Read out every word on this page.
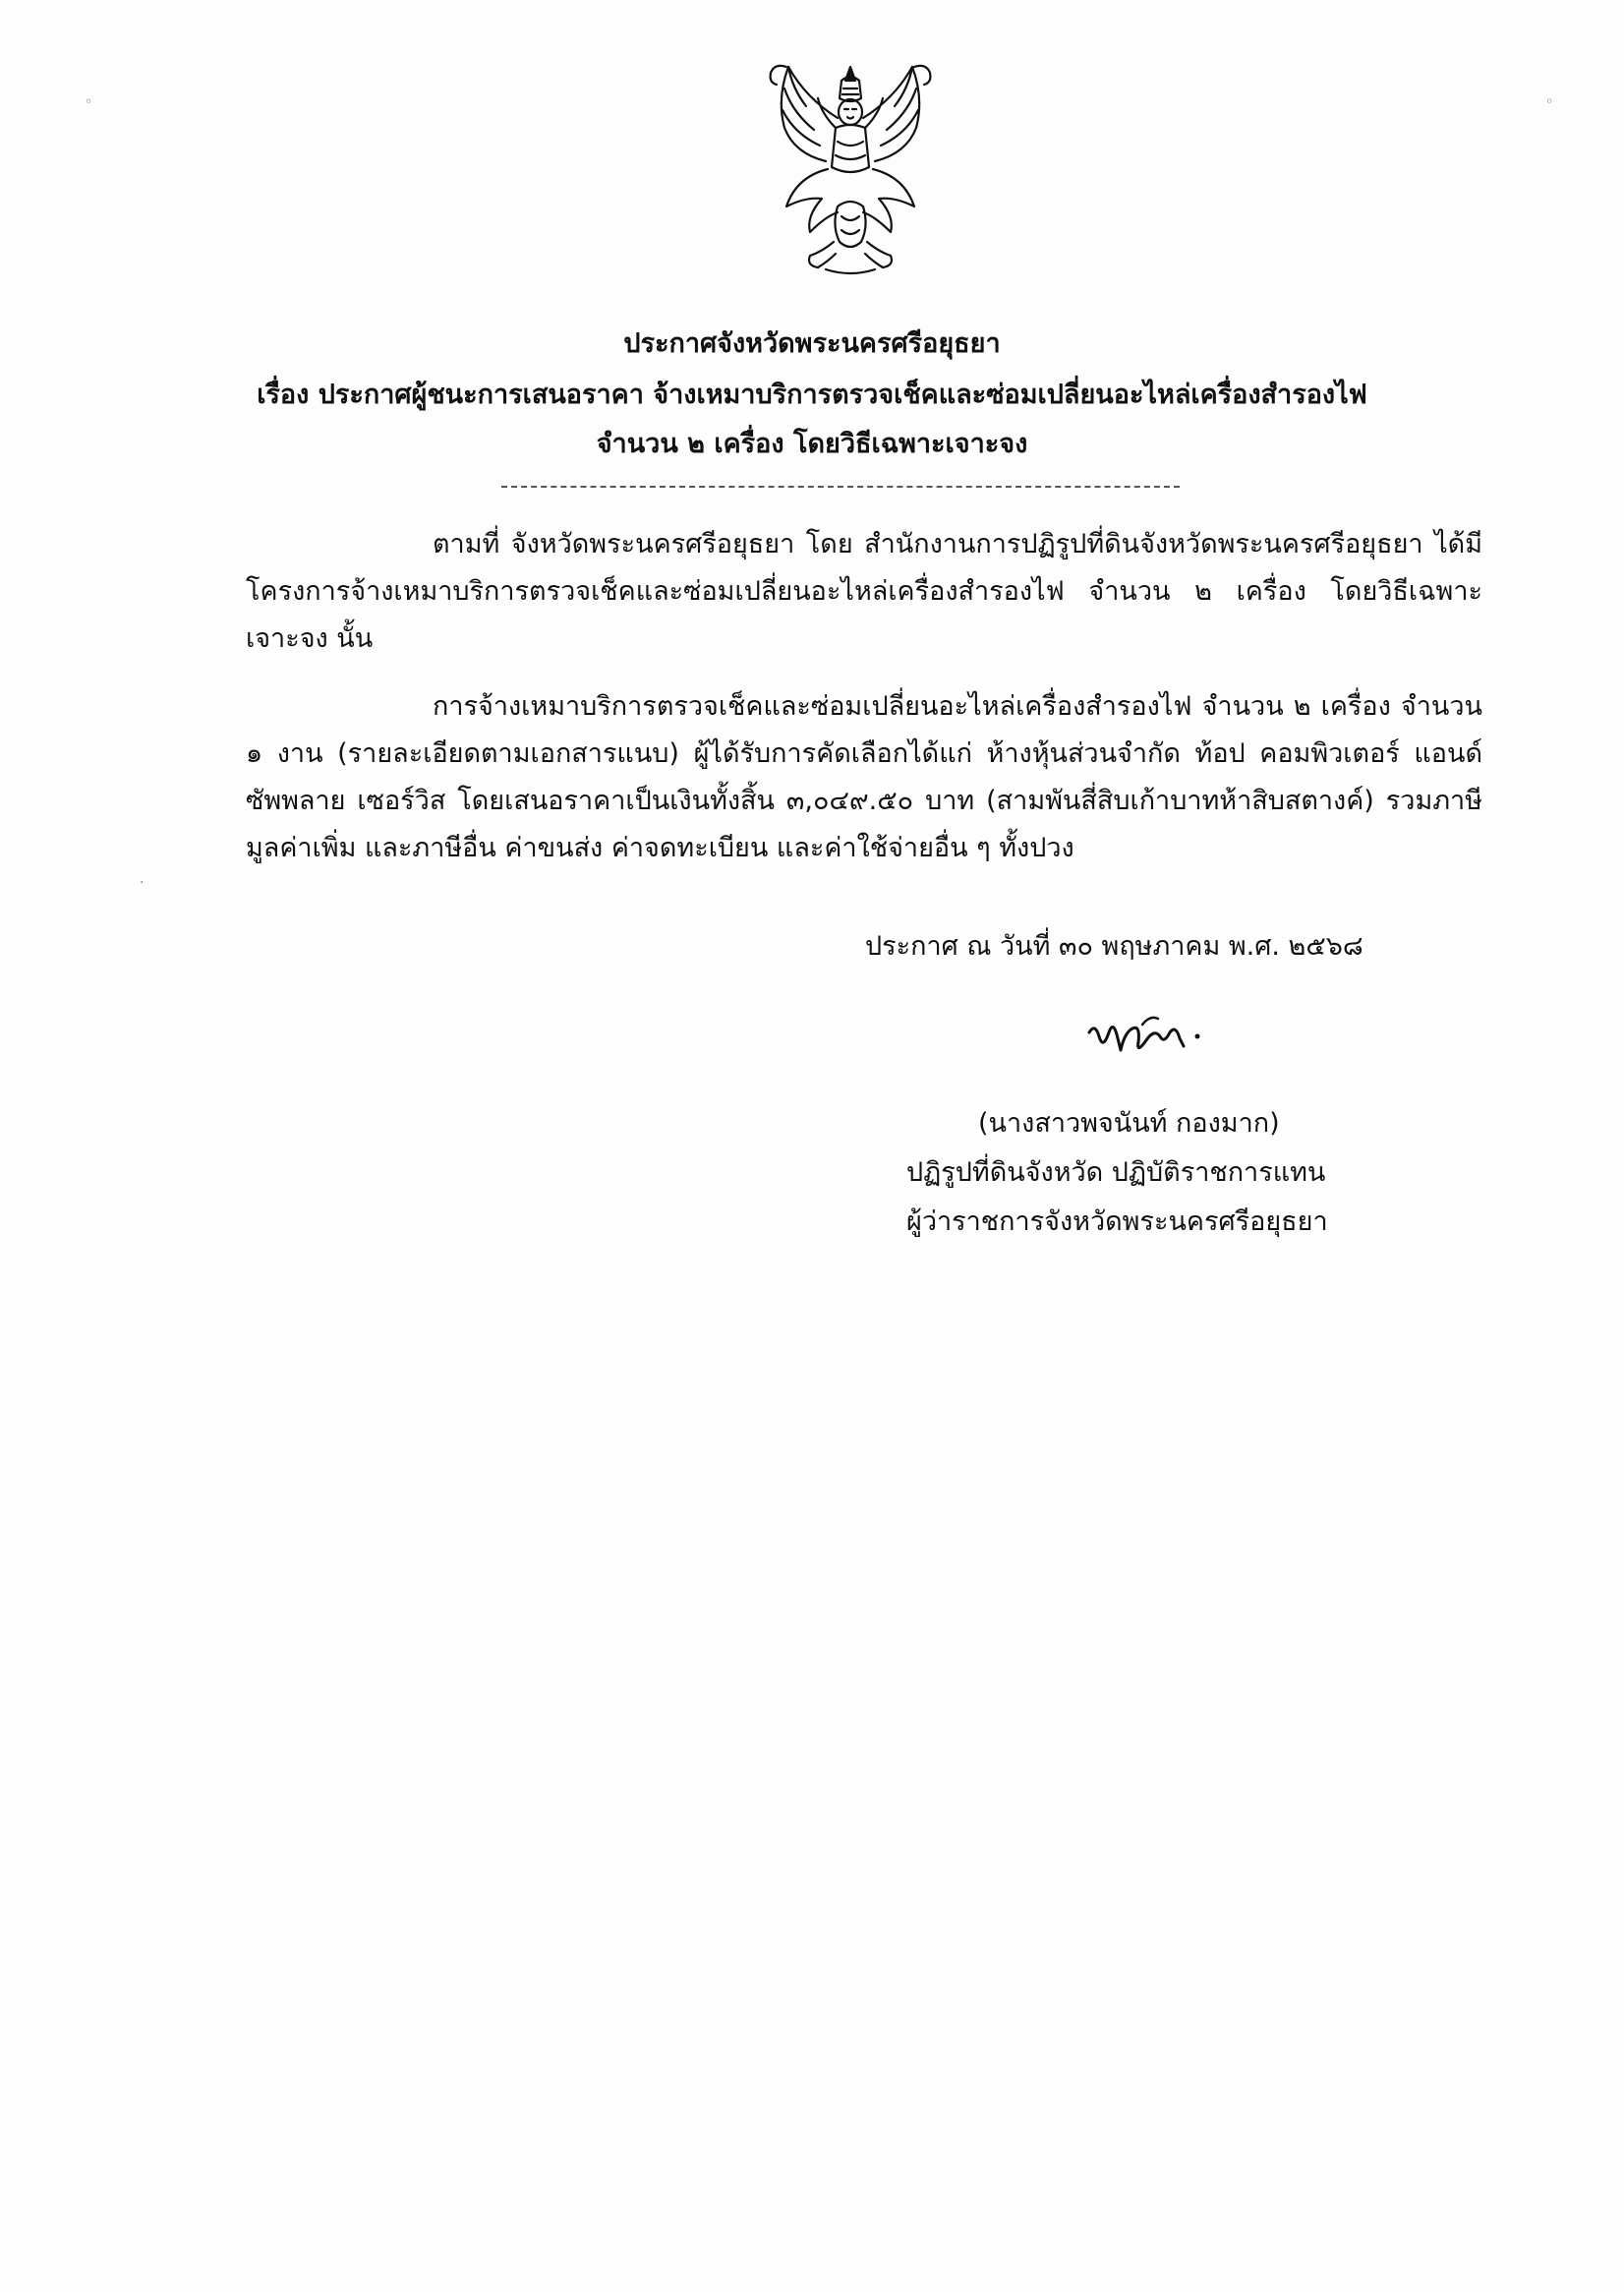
◦	◦
·
ประกาศจังหวัดพระนครศรีอยุธยา
เรื่อง ประกาศผู้ชนะการเสนอราคา จ้างเหมาบริการตรวจเช็คและซ่อมเปลี่ยนอะไหล่เครื่องสำรองไฟ
จำนวน ๒ เครื่อง โดยวิธีเฉพาะเจาะจง
ตามที่ จังหวัดพระนครศรีอยุธยา โดย สำนักงานการปฏิรูปที่ดินจังหวัดพระนครศรีอยุธยา ได้มีโครงการจ้างเหมาบริการตรวจเช็คและซ่อมเปลี่ยนอะไหล่เครื่องสำรองไฟ จำนวน ๒ เครื่อง โดยวิธีเฉพาะเจาะจง นั้น
การจ้างเหมาบริการตรวจเช็คและซ่อมเปลี่ยนอะไหล่เครื่องสำรองไฟ จำนวน ๒ เครื่อง จำนวน ๑ งาน (รายละเอียดตามเอกสารแนบ) ผู้ได้รับการคัดเลือกได้แก่ ห้างหุ้นส่วนจำกัด ท้อป คอมพิวเตอร์ แอนด์ ซัพพลาย เซอร์วิส โดยเสนอราคาเป็นเงินทั้งสิ้น ๓,๐๔๙.๕๐ บาท (สามพันสี่สิบเก้าบาทห้าสิบสตางค์) รวมภาษีมูลค่าเพิ่ม และภาษีอื่น ค่าขนส่ง ค่าจดทะเบียน และค่าใช้จ่ายอื่น ๆ ทั้งปวง
ประกาศ ณ วันที่ ๓๐ พฤษภาคม พ.ศ. ๒๕๖๘
(นางสาวพจนันท์ กองมาก)
ปฏิรูปที่ดินจังหวัด ปฏิบัติราชการแทน
ผู้ว่าราชการจังหวัดพระนครศรีอยุธยา
